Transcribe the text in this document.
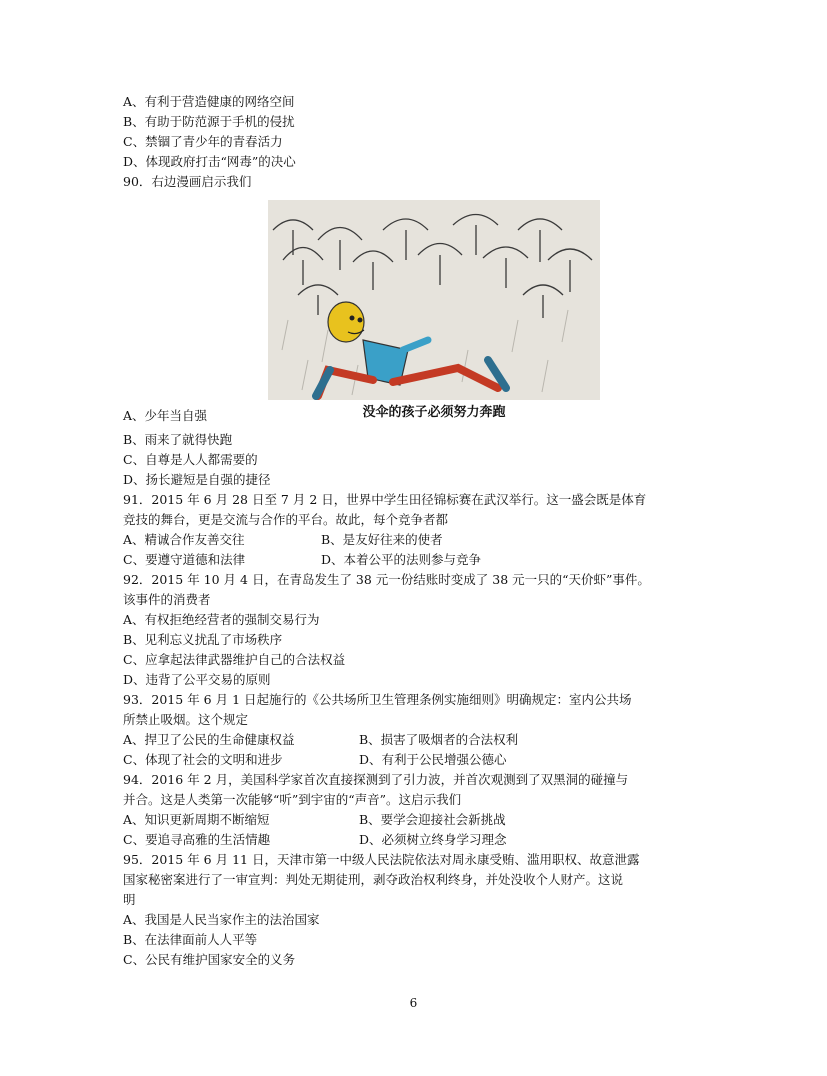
A、有利于营造健康的网络空间
B、有助于防范源于手机的侵扰
C、禁锢了青少年的青春活力
D、体现政府打击“网毒”的决心
90．右边漫画启示我们
没伞的孩子必须努力奔跑
A、少年当自强
B、雨来了就得快跑
C、自尊是人人都需要的
D、扬长避短是自强的捷径
91．2015 年 6 月 28 日至 7 月 2 日，世界中学生田径锦标赛在武汉举行。这一盛会既是体育
竞技的舞台，更是交流与合作的平台。故此，每个竞争者都
A、精诚合作友善交往	B、是友好往来的使者
C、要遵守道德和法律	D、本着公平的法则参与竞争
92．2015 年 10 月 4 日，在青岛发生了 38 元一份结账时变成了 38 元一只的“天价虾”事件。
该事件的消费者
A、有权拒绝经营者的强制交易行为
B、见利忘义扰乱了市场秩序
C、应拿起法律武器维护自己的合法权益
D、违背了公平交易的原则
93．2015 年 6 月 1 日起施行的《公共场所卫生管理条例实施细则》明确规定：室内公共场
所禁止吸烟。这个规定
A、捍卫了公民的生命健康权益	B、损害了吸烟者的合法权利
C、体现了社会的文明和进步	D、有利于公民增强公德心
94．2016 年 2 月，美国科学家首次直接探测到了引力波，并首次观测到了双黑洞的碰撞与
并合。这是人类第一次能够“听”到宇宙的“声音”。这启示我们
A、知识更新周期不断缩短	B、要学会迎接社会新挑战
C、要追寻高雅的生活情趣	D、必须树立终身学习理念
95．2015 年 6 月 11 日，天津市第一中级人民法院依法对周永康受贿、滥用职权、故意泄露
国家秘密案进行了一审宣判：判处无期徒刑，剥夺政治权利终身，并处没收个人财产。这说
明
A、我国是人民当家作主的法治国家
B、在法律面前人人平等
C、公民有维护国家安全的义务
6
